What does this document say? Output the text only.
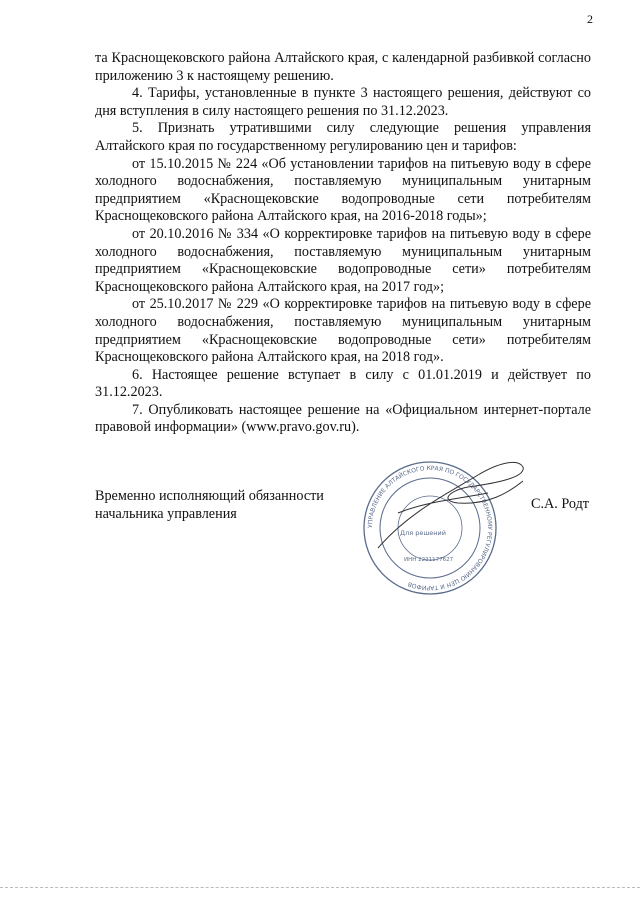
2

та Краснощековского района Алтайского края, с календарной разбивкой согласно приложению 3 к настоящему решению.

4. Тарифы, установленные в пункте 3 настоящего решения, действуют со дня вступления в силу настоящего решения по 31.12.2023.

5. Признать утратившими силу следующие решения управления Алтайского края по государственному регулированию цен и тарифов:

от 15.10.2015 № 224 «Об установлении тарифов на питьевую воду в сфере холодного водоснабжения, поставляемую муниципальным унитарным предприятием «Краснощековские водопроводные сети потребителям Краснощековского района Алтайского края, на 2016-2018 годы»;

от 20.10.2016 № 334 «О корректировке тарифов на питьевую воду в сфере холодного водоснабжения, поставляемую муниципальным унитарным предприятием «Краснощековские водопроводные сети» потребителям Краснощековского района Алтайского края, на 2017 год»;

от 25.10.2017 № 229 «О корректировке тарифов на питьевую воду в сфере холодного водоснабжения, поставляемую муниципальным унитарным предприятием «Краснощековские водопроводные сети» потребителям Краснощековского района Алтайского края, на 2018 год».

6. Настоящее решение вступает в силу с 01.01.2019 и действует по 31.12.2023.

7. Опубликовать настоящее решение на «Официальном интернет-портале правовой информации» (www.pravo.gov.ru).

Временно исполняющий обязанности
начальника управления
УПРАВЛЕНИЕ АЛТАЙСКОГО КРАЯ ПО ГОСУДАРСТВЕННОМУ РЕГУЛИРОВАНИЮ ЦЕН И ТАРИФОВ
Для решений
ИНН 2221177627
С.А. Родт
